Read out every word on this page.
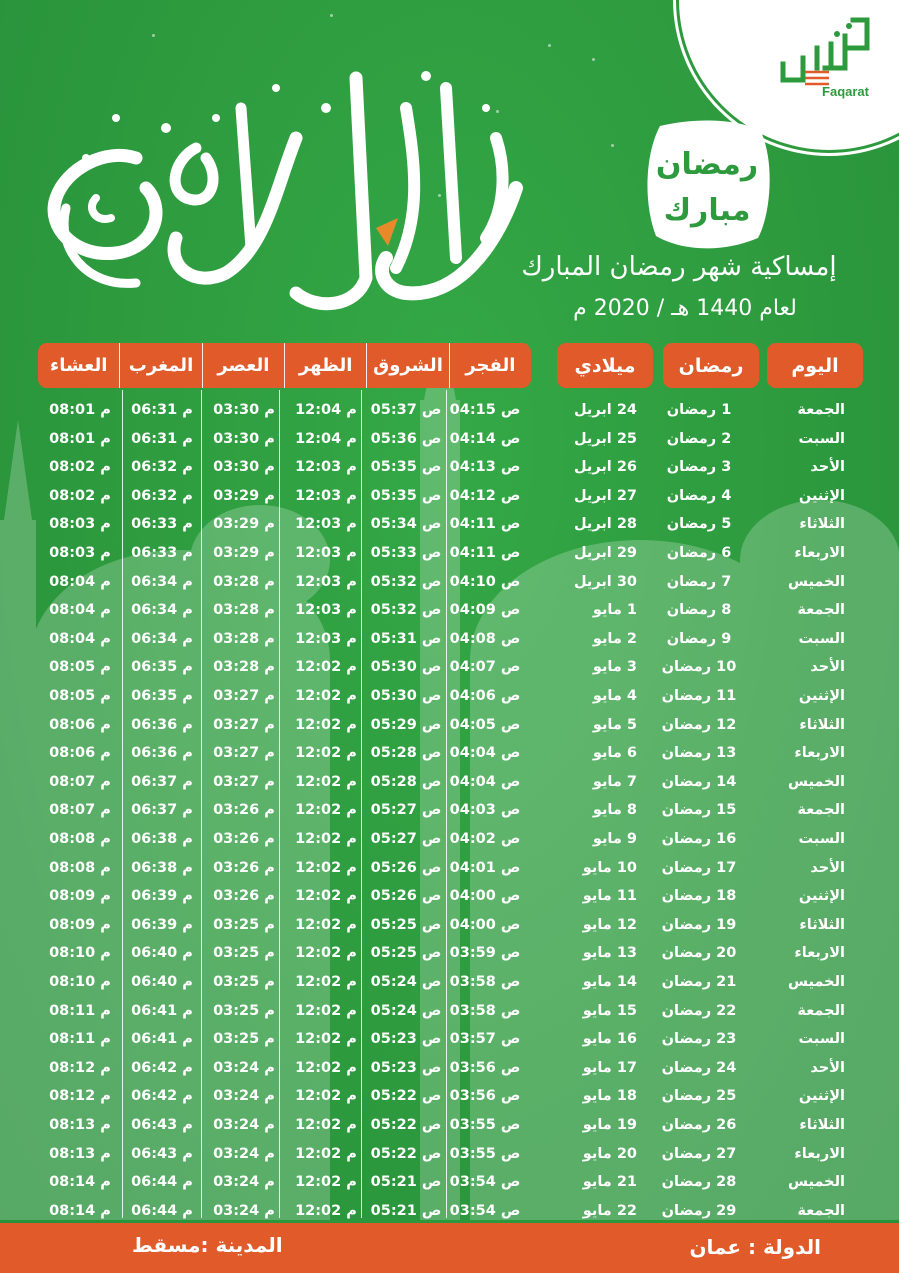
Faqarat
رمضان
مبارك
إمساكية شهر رمضان المبارك
لعام 1440 هـ / 2020 م
اليوم
رمضان
ميلادي
الفجر
الشروق
الظهر
العصر
المغرب
العشاء
الجمعة
1 رمضان
24 ابريل
04:15 ص
05:37 ص
12:04 م
03:30 م
06:31 م
08:01 م
السبت
2 رمضان
25 ابريل
04:14 ص
05:36 ص
12:04 م
03:30 م
06:31 م
08:01 م
الأحد
3 رمضان
26 ابريل
04:13 ص
05:35 ص
12:03 م
03:30 م
06:32 م
08:02 م
الإثنين
4 رمضان
27 ابريل
04:12 ص
05:35 ص
12:03 م
03:29 م
06:32 م
08:02 م
الثلاثاء
5 رمضان
28 ابريل
04:11 ص
05:34 ص
12:03 م
03:29 م
06:33 م
08:03 م
الاربعاء
6 رمضان
29 ابريل
04:11 ص
05:33 ص
12:03 م
03:29 م
06:33 م
08:03 م
الخميس
7 رمضان
30 ابريل
04:10 ص
05:32 ص
12:03 م
03:28 م
06:34 م
08:04 م
الجمعة
8 رمضان
1 مايو
04:09 ص
05:32 ص
12:03 م
03:28 م
06:34 م
08:04 م
السبت
9 رمضان
2 مايو
04:08 ص
05:31 ص
12:03 م
03:28 م
06:34 م
08:04 م
الأحد
10 رمضان
3 مايو
04:07 ص
05:30 ص
12:02 م
03:28 م
06:35 م
08:05 م
الإثنين
11 رمضان
4 مايو
04:06 ص
05:30 ص
12:02 م
03:27 م
06:35 م
08:05 م
الثلاثاء
12 رمضان
5 مايو
04:05 ص
05:29 ص
12:02 م
03:27 م
06:36 م
08:06 م
الاربعاء
13 رمضان
6 مايو
04:04 ص
05:28 ص
12:02 م
03:27 م
06:36 م
08:06 م
الخميس
14 رمضان
7 مايو
04:04 ص
05:28 ص
12:02 م
03:27 م
06:37 م
08:07 م
الجمعة
15 رمضان
8 مايو
04:03 ص
05:27 ص
12:02 م
03:26 م
06:37 م
08:07 م
السبت
16 رمضان
9 مايو
04:02 ص
05:27 ص
12:02 م
03:26 م
06:38 م
08:08 م
الأحد
17 رمضان
10 مايو
04:01 ص
05:26 ص
12:02 م
03:26 م
06:38 م
08:08 م
الإثنين
18 رمضان
11 مايو
04:00 ص
05:26 ص
12:02 م
03:26 م
06:39 م
08:09 م
الثلاثاء
19 رمضان
12 مايو
04:00 ص
05:25 ص
12:02 م
03:25 م
06:39 م
08:09 م
الاربعاء
20 رمضان
13 مايو
03:59 ص
05:25 ص
12:02 م
03:25 م
06:40 م
08:10 م
الخميس
21 رمضان
14 مايو
03:58 ص
05:24 ص
12:02 م
03:25 م
06:40 م
08:10 م
الجمعة
22 رمضان
15 مايو
03:58 ص
05:24 ص
12:02 م
03:25 م
06:41 م
08:11 م
السبت
23 رمضان
16 مايو
03:57 ص
05:23 ص
12:02 م
03:25 م
06:41 م
08:11 م
الأحد
24 رمضان
17 مايو
03:56 ص
05:23 ص
12:02 م
03:24 م
06:42 م
08:12 م
الإثنين
25 رمضان
18 مايو
03:56 ص
05:22 ص
12:02 م
03:24 م
06:42 م
08:12 م
الثلاثاء
26 رمضان
19 مايو
03:55 ص
05:22 ص
12:02 م
03:24 م
06:43 م
08:13 م
الاربعاء
27 رمضان
20 مايو
03:55 ص
05:22 ص
12:02 م
03:24 م
06:43 م
08:13 م
الخميس
28 رمضان
21 مايو
03:54 ص
05:21 ص
12:02 م
03:24 م
06:44 م
08:14 م
الجمعة
29 رمضان
22 مايو
03:54 ص
05:21 ص
12:02 م
03:24 م
06:44 م
08:14 م
الدولة : عمان
المدينة :مسقط
